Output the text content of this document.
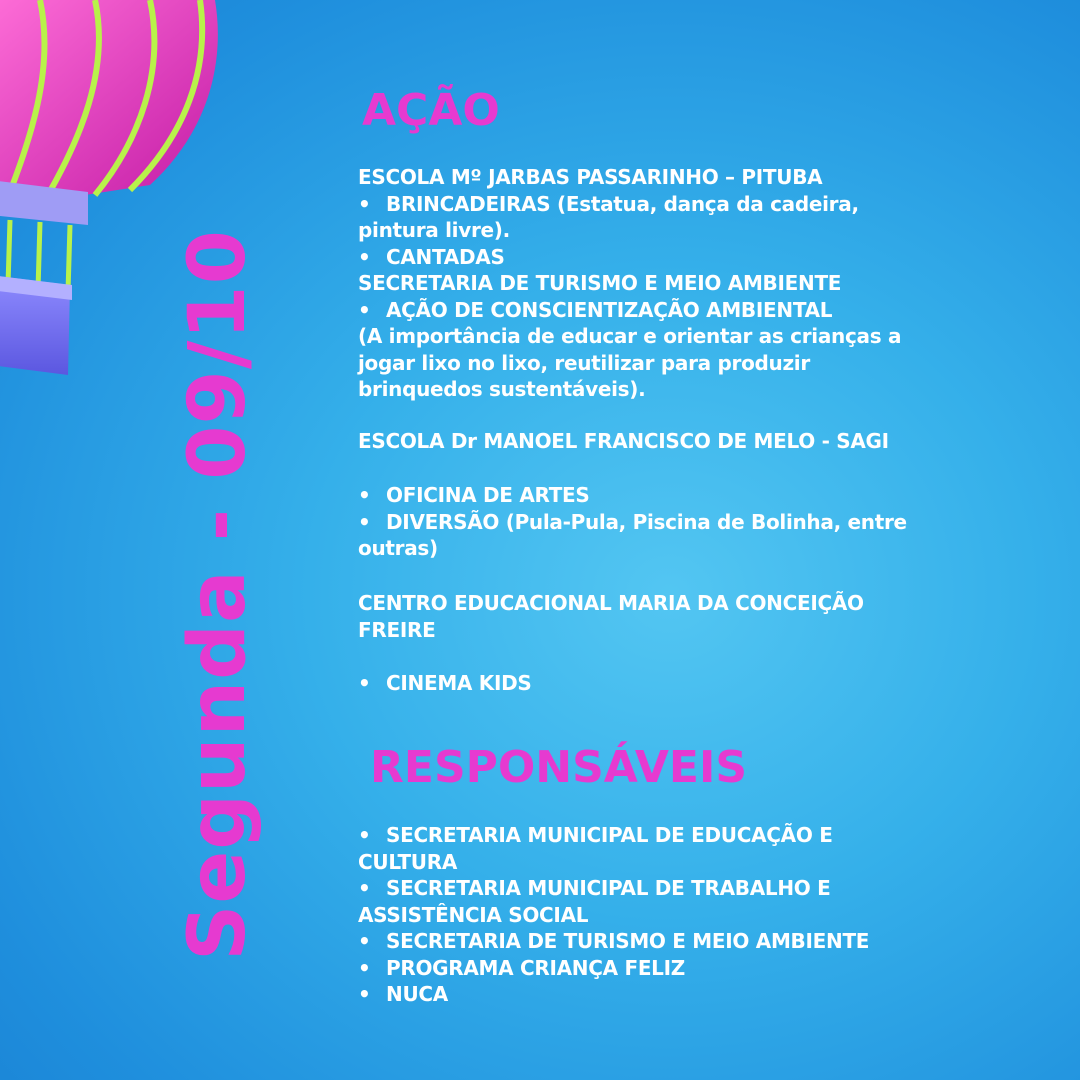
Segunda - 09/10
AÇÃO
ESCOLA Mº JARBAS PASSARINHO – PITUBA
• BRINCADEIRAS (Estatua, dança da cadeira,
pintura livre).
• CANTADAS
SECRETARIA DE TURISMO E MEIO AMBIENTE
• AÇÃO DE CONSCIENTIZAÇÃO AMBIENTAL
(A importância de educar e orientar as crianças a
jogar lixo no lixo, reutilizar para produzir
brinquedos sustentáveis).
ESCOLA Dr MANOEL FRANCISCO DE MELO - SAGI
• OFICINA DE ARTES
• DIVERSÃO (Pula-Pula, Piscina de Bolinha, entre
outras)
CENTRO EDUCACIONAL MARIA DA CONCEIÇÃO
FREIRE
• CINEMA KIDS
RESPONSÁVEIS
• SECRETARIA MUNICIPAL DE EDUCAÇÃO E
CULTURA
• SECRETARIA MUNICIPAL DE TRABALHO E
ASSISTÊNCIA SOCIAL
• SECRETARIA DE TURISMO E MEIO AMBIENTE
• PROGRAMA CRIANÇA FELIZ
• NUCA
